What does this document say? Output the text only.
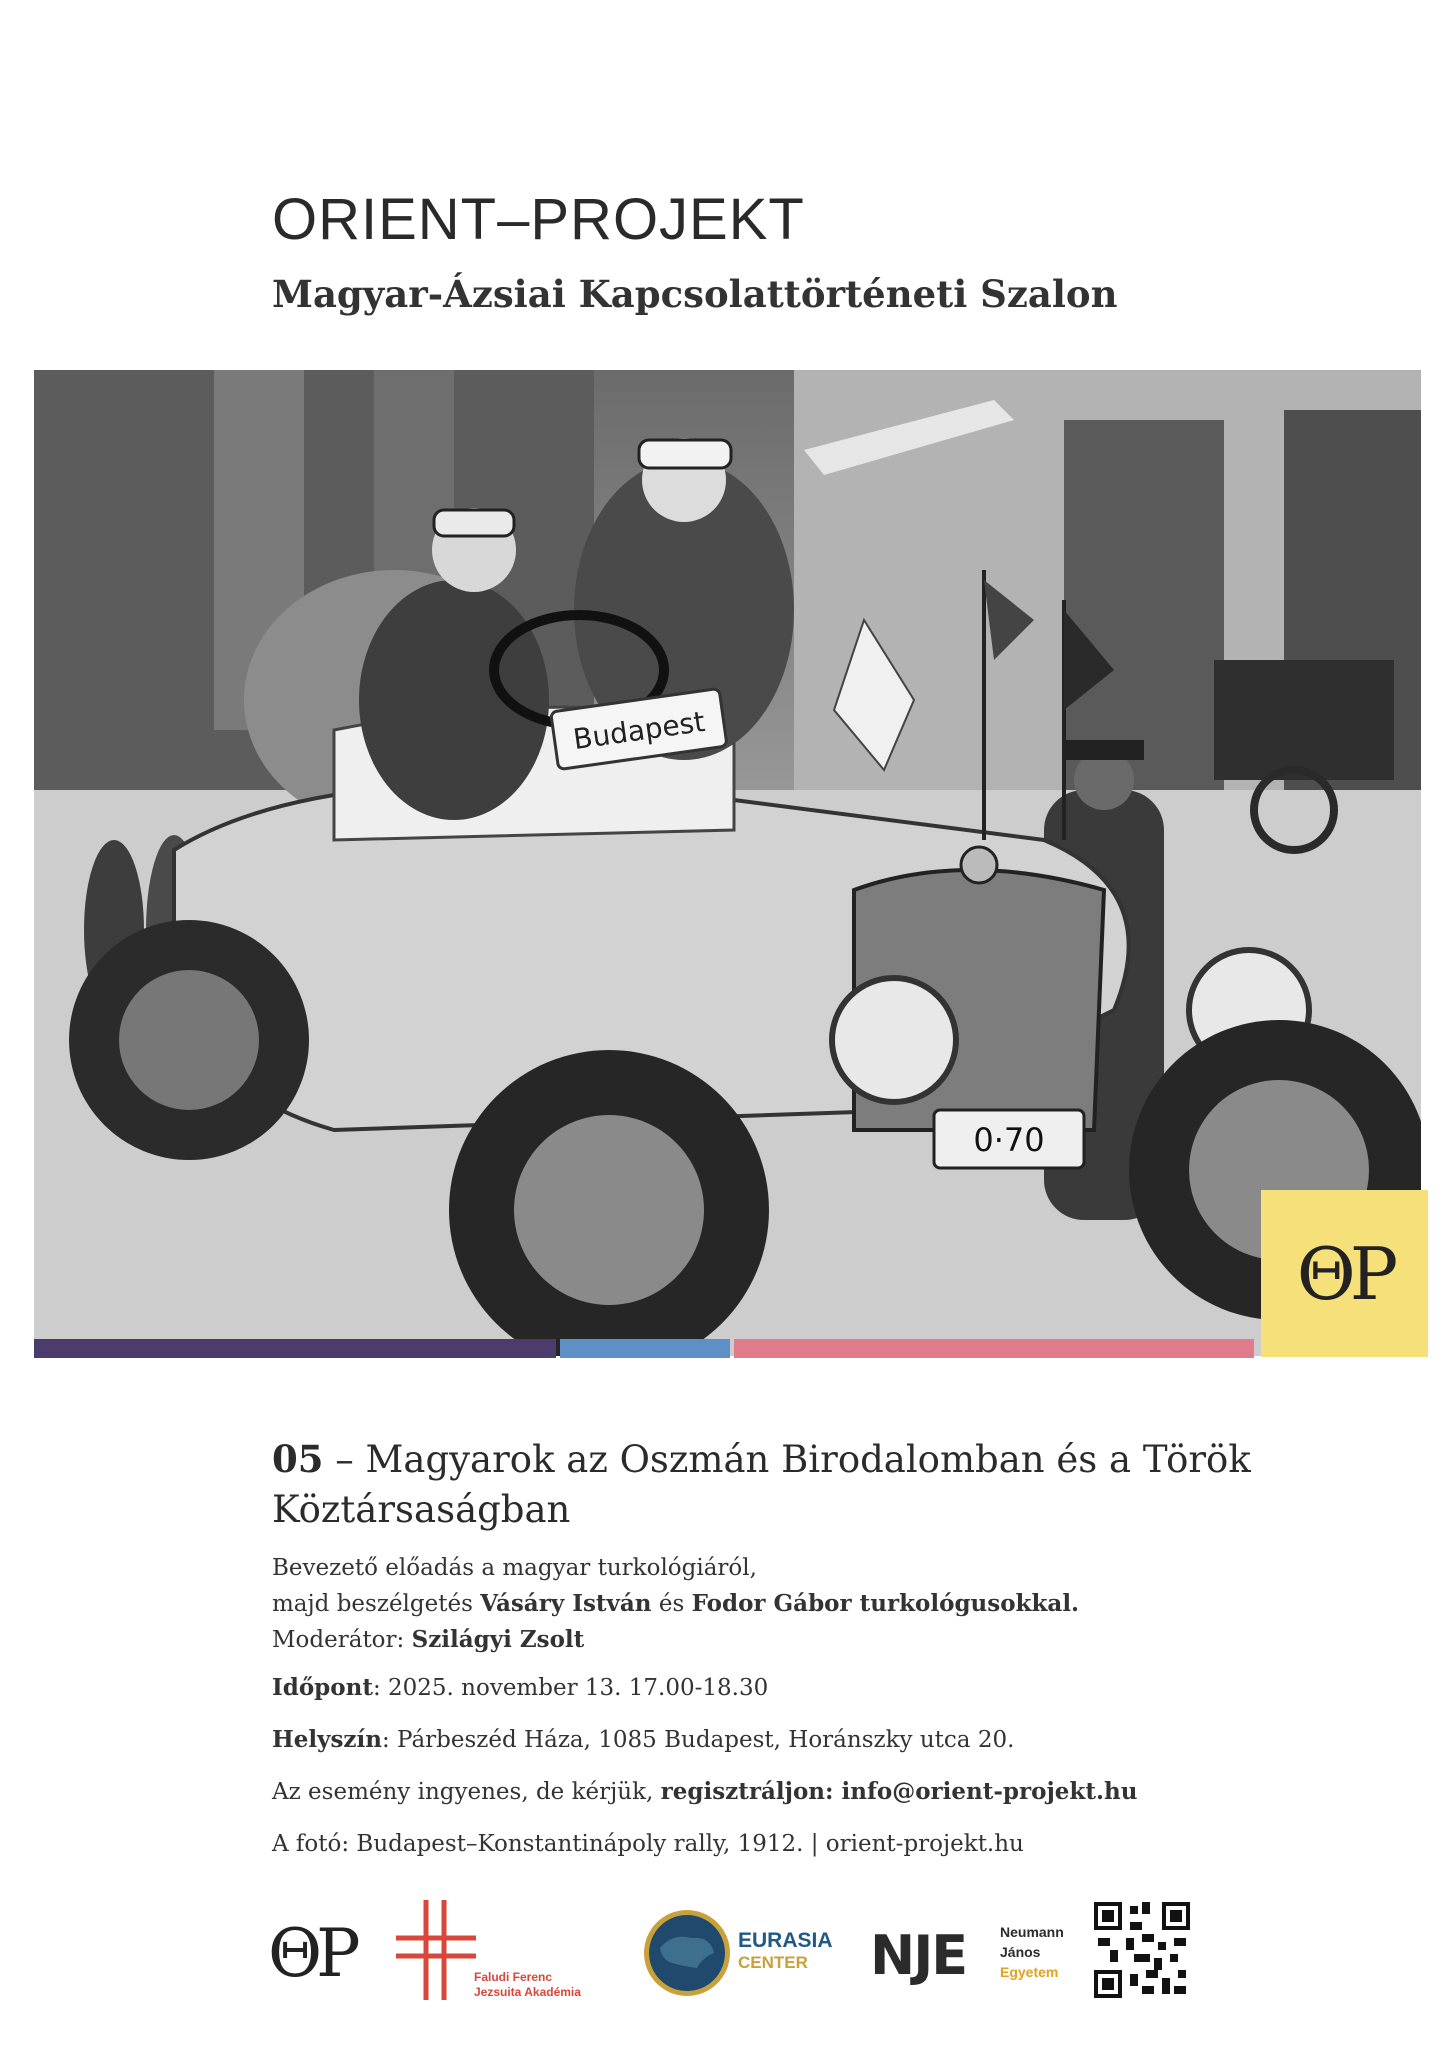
ORIENT–PROJEKT
Magyar-Ázsiai Kapcsolattörténeti Szalon
Budapest
0·70
ΘP
05 – Magyarok az Oszmán Birodalomban és a Török Köztársaságban
Bevezető előadás a magyar turkológiáról,
majd beszélgetés Vásáry István és Fodor Gábor turkológusokkal.
Moderátor: Szilágyi Zsolt
Időpont: 2025. november 13. 17.00-18.30
Helyszín: Párbeszéd Háza, 1085 Budapest, Horánszky utca 20.
Az esemény ingyenes, de kérjük, regisztráljon: info@orient-projekt.hu
A fotó: Budapest–Konstantinápoly rally, 1912. | orient-projekt.hu
ΘP	Faludi Ferenc
Jezsuita Akadémia
EURASIA
CENTER	NJE Neumann
János
Egyetem
